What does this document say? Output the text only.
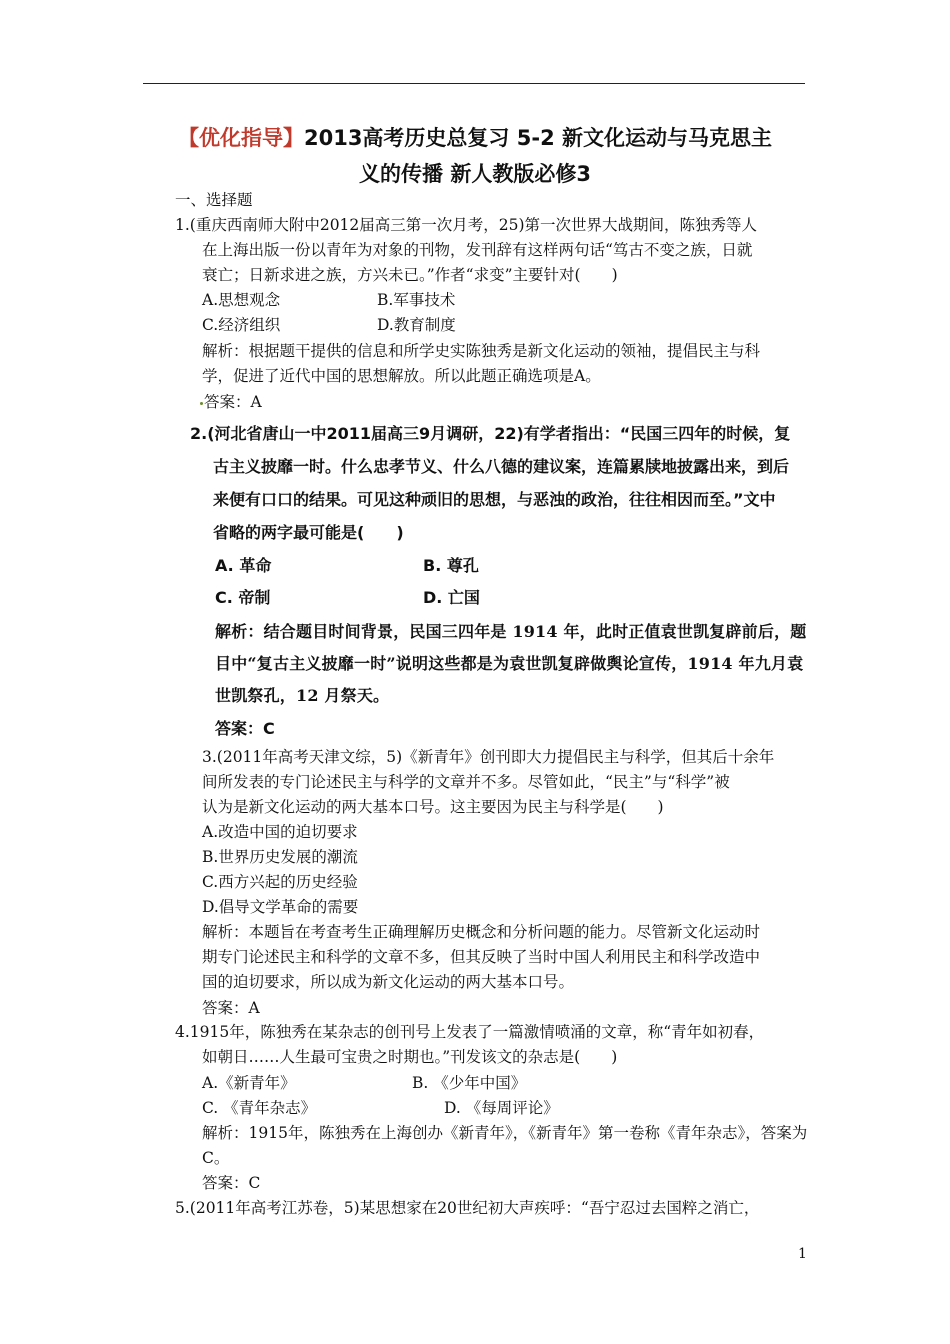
【优化指导】2013高考历史总复习 5-2 新文化运动与马克思主
义的传播 新人教版必修3
一、选择题
1.(重庆西南师大附中2012届高三第一次月考，25)第一次世界大战期间，陈独秀等人
在上海出版一份以青年为对象的刊物，发刊辞有这样两句话“笃古不变之族，日就
衰亡；日新求进之族，方兴未已。”作者“求变”主要针对(　　)
A.思想观念	B.军事技术
C.经济组织	D.教育制度
解析：根据题干提供的信息和所学史实陈独秀是新文化运动的领袖，提倡民主与科
学，促进了近代中国的思想解放。所以此题正确选项是A。
答案：A
2.(河北省唐山一中2011届高三9月调研，22)有学者指出：“民国三四年的时候，复
古主义披靡一时。什么忠孝节义、什么八德的建议案，连篇累牍地披露出来，到后
来便有口口的结果。可见这种顽旧的思想，与恶浊的政治，往往相因而至。”文中
省略的两字最可能是(　　)
A. 革命	B. 尊孔
C. 帝制	D. 亡国
解析：结合题目时间背景，民国三四年是 1914 年，此时正值袁世凯复辟前后，题
目中“复古主义披靡一时”说明这些都是为袁世凯复辟做舆论宣传，1914 年九月袁
世凯祭孔，12 月祭天。
答案：C
3.(2011年高考天津文综，5)《新青年》创刊即大力提倡民主与科学，但其后十余年
间所发表的专门论述民主与科学的文章并不多。尽管如此，“民主”与“科学”被
认为是新文化运动的两大基本口号。这主要因为民主与科学是(　　)
A.改造中国的迫切要求
B.世界历史发展的潮流
C.西方兴起的历史经验
D.倡导文学革命的需要
解析：本题旨在考查考生正确理解历史概念和分析问题的能力。尽管新文化运动时
期专门论述民主和科学的文章不多，但其反映了当时中国人利用民主和科学改造中
国的迫切要求，所以成为新文化运动的两大基本口号。
答案：A
4.1915年，陈独秀在某杂志的创刊号上发表了一篇激情喷涌的文章，称“青年如初春，
如朝日……人生最可宝贵之时期也。”刊发该文的杂志是(　　)
A.《新青年》	B. 《少年中国》
C. 《青年杂志》	D. 《每周评论》
解析：1915年，陈独秀在上海创办《新青年》，《新青年》第一卷称《青年杂志》，答案为
C。
答案：C
5.(2011年高考江苏卷，5)某思想家在20世纪初大声疾呼：“吾宁忍过去国粹之消亡，
1
